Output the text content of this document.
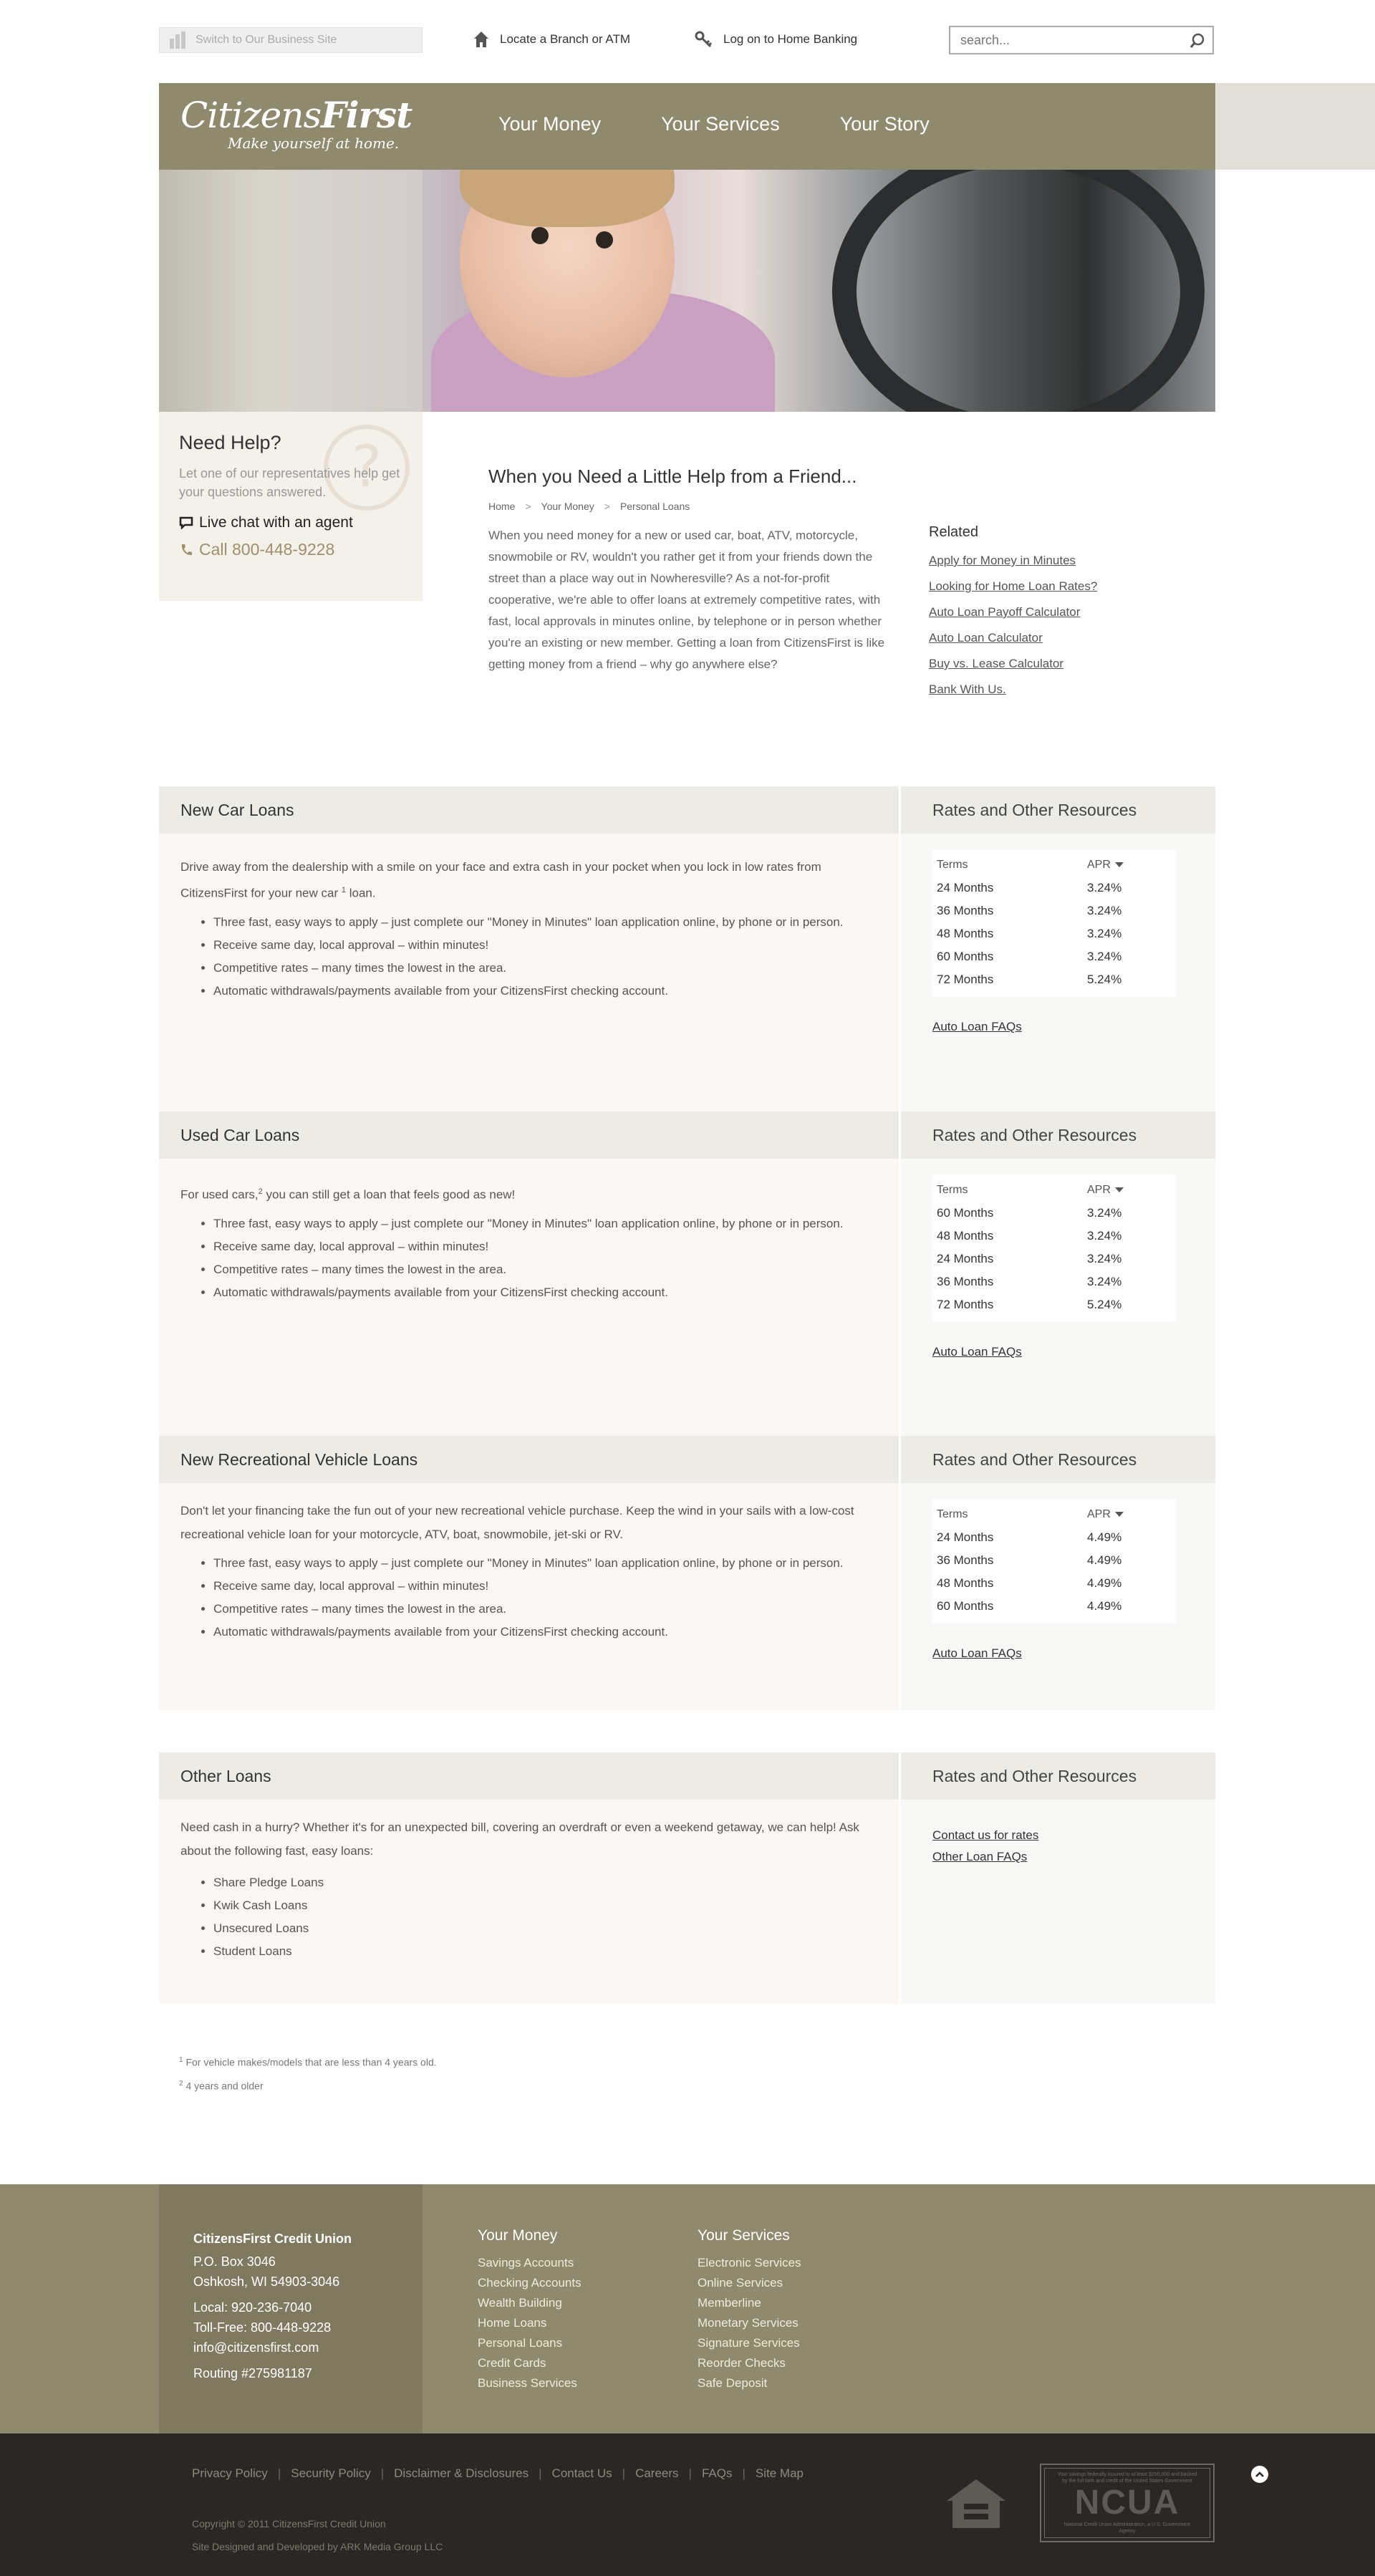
Switch to Our Business Site	Locate a Branch or ATM	Log on to Home Banking
search...
CitizensFirst
Make yourself at home.
Your Money	Your Services	Your Story
?
Need Help?

Let one of our representatives help get your questions answered.

Live chat with an agent
Call 800-448-9228
When you Need a Little Help from a Friend...
Home > Your Money > Personal Loans

When you need money for a new or used car, boat, ATV, motorcycle, snowmobile or RV, wouldn't you rather get it from your friends down the street than a place way out in Nowheresville? As a not-for-profit cooperative, we're able to offer loans at extremely competitive rates, with fast, local approvals in minutes online, by telephone or in person whether you're an existing or new member. Getting a loan from CitizensFirst is like getting money from a friend – why go anywhere else?

Related
Apply for Money in Minutes
Looking for Home Loan Rates?
Auto Loan Payoff Calculator
Auto Loan Calculator
Buy vs. Lease Calculator
Bank With Us.
New Car Loans	Rates and Other Resources

Drive away from the dealership with a smile on your face and extra cash in your pocket when you lock in low rates from CitizensFirst for your new car $^1$ loan.

• Three fast, easy ways to apply – just complete our "Money in Minutes" loan application online, by phone or in person.
• Receive same day, local approval – within minutes!
• Competitive rates – many times the lowest in the area.
• Automatic withdrawals/payments available from your CitizensFirst checking account.
Terms	APR
24 Months	3.24%
36 Months	3.24%
48 Months	3.24%
60 Months	3.24%
72 Months	5.24%
Auto Loan FAQs
Used Car Loans	Rates and Other Resources

For used cars,$^2$ you can still get a loan that feels good as new!

• Three fast, easy ways to apply – just complete our "Money in Minutes" loan application online, by phone or in person.
• Receive same day, local approval – within minutes!
• Competitive rates – many times the lowest in the area.
• Automatic withdrawals/payments available from your CitizensFirst checking account.
Terms	APR
60 Months	3.24%
48 Months	3.24%
24 Months	3.24%
36 Months	3.24%
72 Months	5.24%
Auto Loan FAQs
New Recreational Vehicle Loans	Rates and Other Resources

Don't let your financing take the fun out of your new recreational vehicle purchase. Keep the wind in your sails with a low-cost recreational vehicle loan for your motorcycle, ATV, boat, snowmobile, jet-ski or RV.

• Three fast, easy ways to apply – just complete our "Money in Minutes" loan application online, by phone or in person.
• Receive same day, local approval – within minutes!
• Competitive rates – many times the lowest in the area.
• Automatic withdrawals/payments available from your CitizensFirst checking account.
Terms	APR
24 Months	4.49%
36 Months	4.49%
48 Months	4.49%
60 Months	4.49%
Auto Loan FAQs
Other Loans	Rates and Other Resources

Need cash in a hurry? Whether it's for an unexpected bill, covering an overdraft or even a weekend getaway, we can help! Ask about the following fast, easy loans:

• Share Pledge Loans
• Kwik Cash Loans
• Unsecured Loans
• Student Loans
Contact us for rates
Other Loan FAQs
$^1$ For vehicle makes/models that are less than 4 years old.
$^2$ 4 years and older
CitizensFirst Credit Union
P.O. Box 3046
Oshkosh, WI 54903-3046
Local: 920-236-7040
Toll-Free: 800-448-9228
info@citizensfirst.com
Routing #275981187
Your Money
Savings Accounts
Checking Accounts
Wealth Building
Home Loans
Personal Loans
Credit Cards
Business Services
Your Services
Electronic Services
Online Services
Memberline
Monetary Services
Signature Services
Reorder Checks
Safe Deposit
Privacy Policy | Security Policy | Disclaimer & Disclosures | Contact Us | Careers | FAQs | Site Map
Copyright © 2011 CitizensFirst Credit Union
Site Designed and Developed by ARK Media Group LLC
Your savings federally insured to at least $250,000 and backed by the full faith and credit of the United States Government
NCUA
National Credit Union Administration, a U.S. Government Agency
